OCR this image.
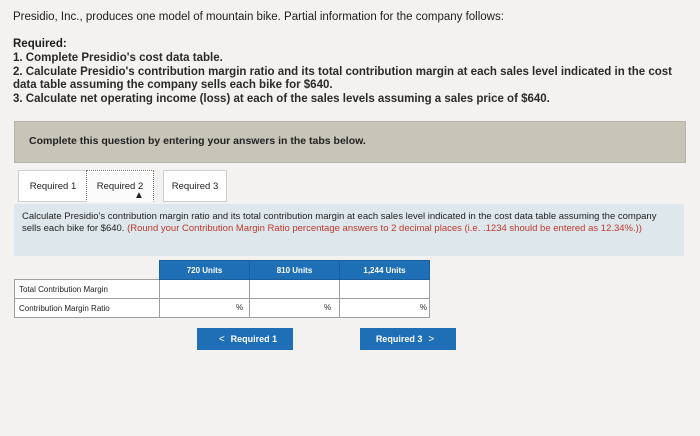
Presidio, Inc., produces one model of mountain bike. Partial information for the company follows:
Required:
1. Complete Presidio's cost data table.
2. Calculate Presidio's contribution margin ratio and its total contribution margin at each sales level indicated in the cost data table assuming the company sells each bike for $640.
3. Calculate net operating income (loss) at each of the sales levels assuming a sales price of $640.
Complete this question by entering your answers in the tabs below.
Required 1	Required 2	Required 3
▲

Calculate Presidio's contribution margin ratio and its total contribution margin at each sales level indicated in the cost data table assuming the company sells each bike for $640. (Round your Contribution Margin Ratio percentage answers to 2 decimal places (i.e. .1234 should be entered as 12.34%.))

	720 Units	810 Units	1,244 Units
Total Contribution Margin			
Contribution Margin Ratio	%	%	%
< Required 1	Required 3 >
